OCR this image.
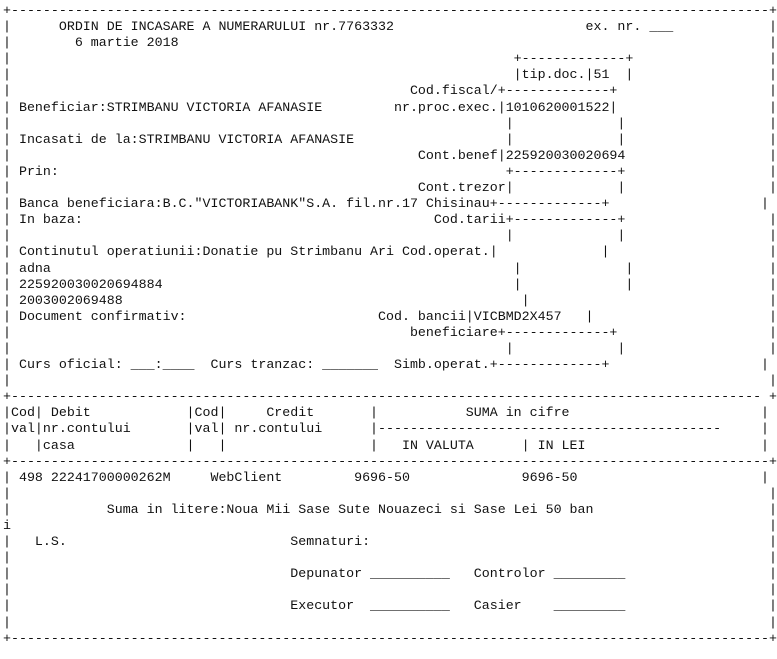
+-----------------------------------------------------------------------------------------------+
|      ORDIN DE INCASARE A NUMERARULUI nr.7763332                        ex. nr. ___            |
|        6 martie 2018                                                                          |
|                                                               +-------------+                 |
|                                                               |tip.doc.|51  |                 |
|                                                  Cod.fiscal/+-------------+                   |
| Beneficiar:STRIMBANU VICTORIA AFANASIE         nr.proc.exec.|1010620001522|                   |
|                                                              |             |                  |
| Incasati de la:STRIMBANU VICTORIA AFANASIE                   |             |                  |
|                                                   Cont.benef|225920030020694                  |
| Prin:                                                        +-------------+                  |
|                                                   Cont.trezor|             |                  |
| Banca beneficiara:B.C."VICTORIABANK"S.A. fil.nr.17 Chisinau+-------------+                   |
| In baza:                                            Cod.tarii+-------------+                  |
|                                                              |             |                  |
| Continutul operatiunii:Donatie pu Strimbanu Ari Cod.operat.|             |                    |
| adna                                                          |             |                 |
| 225920030020694884                                            |             |                 |
| 2003002069488                                                  |                              |
| Document confirmativ:                        Cod. bancii|VICBMD2X457   |                      |
|                                                  beneficiare+-------------+                   |
|                                                              |             |                  |
| Curs oficial: ___:____  Curs tranzac: _______  Simb.operat.+-------------+                   |
|                                                                                               |
+---------------------------------------------------------------------------------------------- +
|Cod| Debit            |Cod|     Credit       |           SUMA in cifre                        |
|val|nr.contului       |val| nr.contului      |-------------------------------------------     |
|   |casa              |   |                  |   IN VALUTA      | IN LEI                      |
+-----------------------------------------------------------------------------------------------+
| 498 22241700000262M     WebClient         9696-50              9696-50                       |
|                                                                                               |
|            Suma in litere:Noua Mii Sase Sute Nouazeci si Sase Lei 50 ban                      |
i                                                                                               |
|   L.S.                            Semnaturi:                                                  |
|                                                                                               |
|                                   Depunator __________   Controlor _________                  |
|                                                                                               |
|                                   Executor  __________   Casier    _________                  |
|                                                                                               |
+-----------------------------------------------------------------------------------------------+
